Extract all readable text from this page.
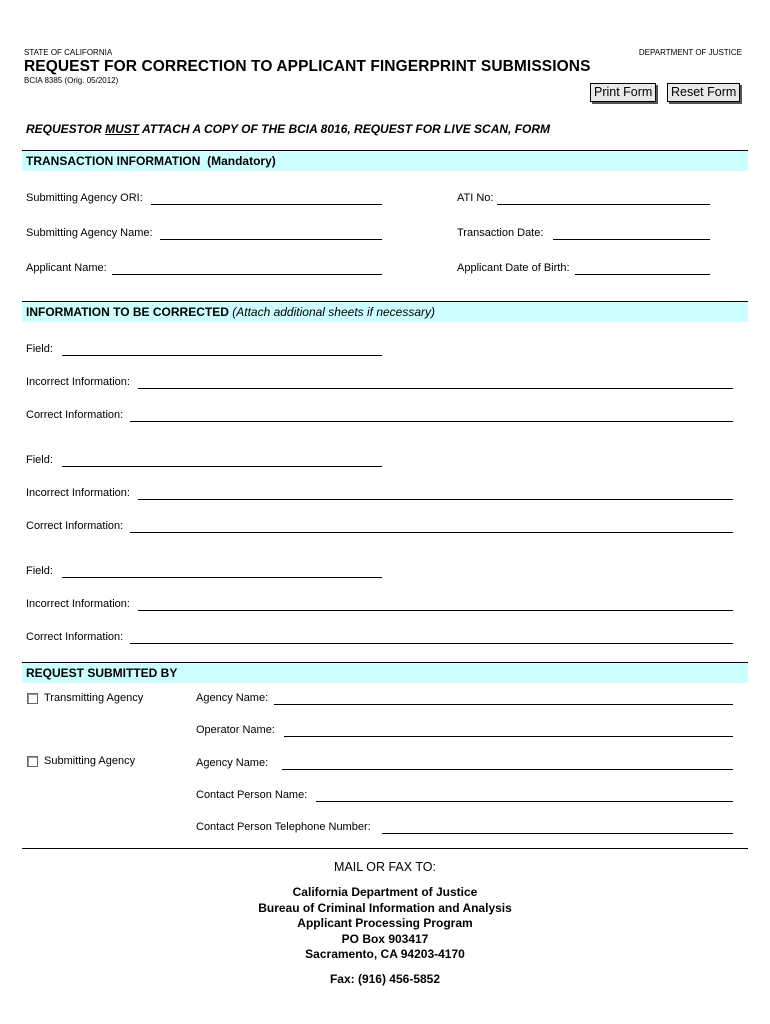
STATE OF CALIFORNIA	DEPARTMENT OF JUSTICE
REQUEST FOR CORRECTION TO APPLICANT FINGERPRINT SUBMISSIONS
BCIA 8385 (Orig. 05/2012)
Print Form	Reset Form
REQUESTOR MUST ATTACH A COPY OF THE BCIA 8016, REQUEST FOR LIVE SCAN, FORM
TRANSACTION INFORMATION (Mandatory)
Submitting Agency ORI:	ATI No:
Submitting Agency Name:	Transaction Date:
Applicant Name:	Applicant Date of Birth:
INFORMATION TO BE CORRECTED (Attach additional sheets if necessary)
Field:
Incorrect Information:
Correct Information:
Field:
Incorrect Information:
Correct Information:
Field:
Incorrect Information:
Correct Information:
REQUEST SUBMITTED BY
Transmitting Agency	Agency Name:
Operator Name:
Submitting Agency	Agency Name:
Contact Person Name:
Contact Person Telephone Number:
MAIL OR FAX TO:
California Department of Justice
Bureau of Criminal Information and Analysis
Applicant Processing Program
PO Box 903417
Sacramento, CA 94203-4170
Fax: (916) 456-5852
